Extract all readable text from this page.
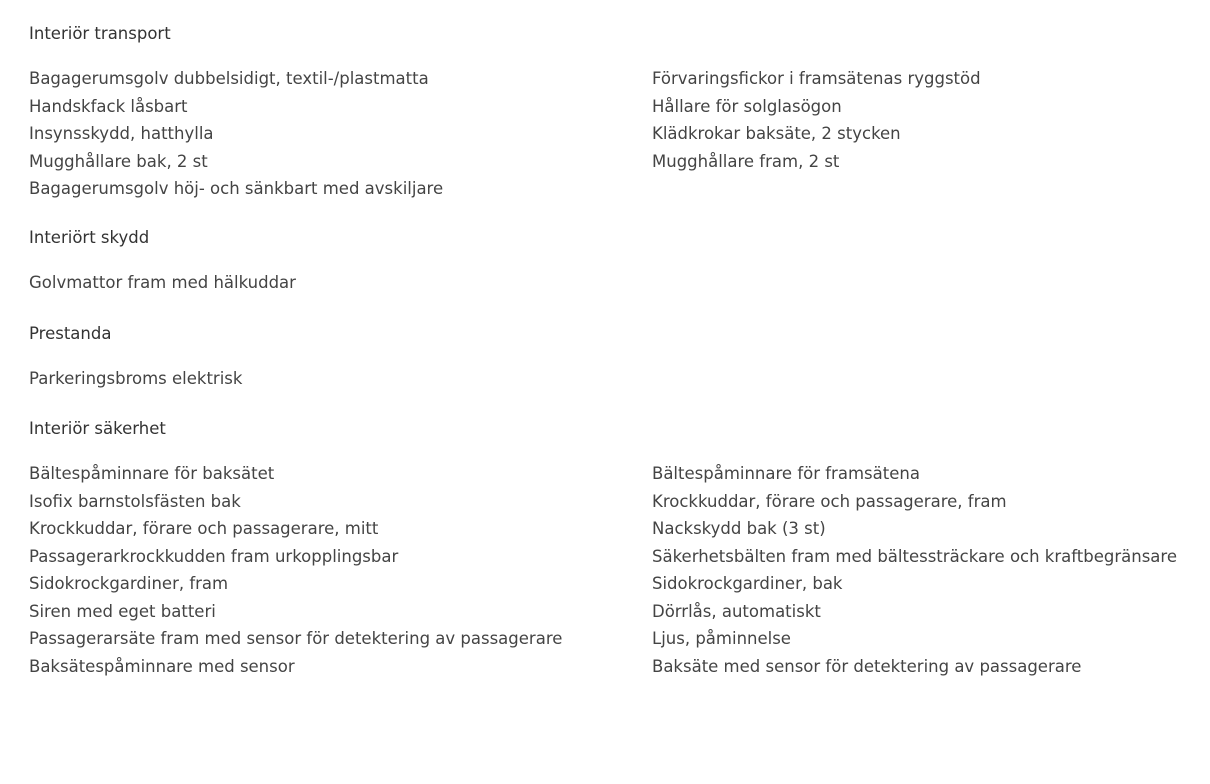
Interiör transport
Bagagerumsgolv dubbelsidigt, textil-/plastmatta	Förvaringsfickor i framsätenas ryggstöd
Handskfack låsbart	Hållare för solglasögon
Insynsskydd, hatthylla	Klädkrokar baksäte, 2 stycken
Mugghållare bak, 2 st	Mugghållare fram, 2 st
Bagagerumsgolv höj- och sänkbart med avskiljare
Interiört skydd
Golvmattor fram med hälkuddar
Prestanda
Parkeringsbroms elektrisk
Interiör säkerhet
Bältespåminnare för baksätet	Bältespåminnare för framsätena
Isofix barnstolsfästen bak	Krockkuddar, förare och passagerare, fram
Krockkuddar, förare och passagerare, mitt	Nackskydd bak (3 st)
Passagerarkrockkudden fram urkopplingsbar	Säkerhetsbälten fram med bältessträckare och kraftbegränsare
Sidokrockgardiner, fram	Sidokrockgardiner, bak
Siren med eget batteri	Dörrlås, automatiskt
Passagerarsäte fram med sensor för detektering av passagerare	Ljus, påminnelse
Baksätespåminnare med sensor	Baksäte med sensor för detektering av passagerare
